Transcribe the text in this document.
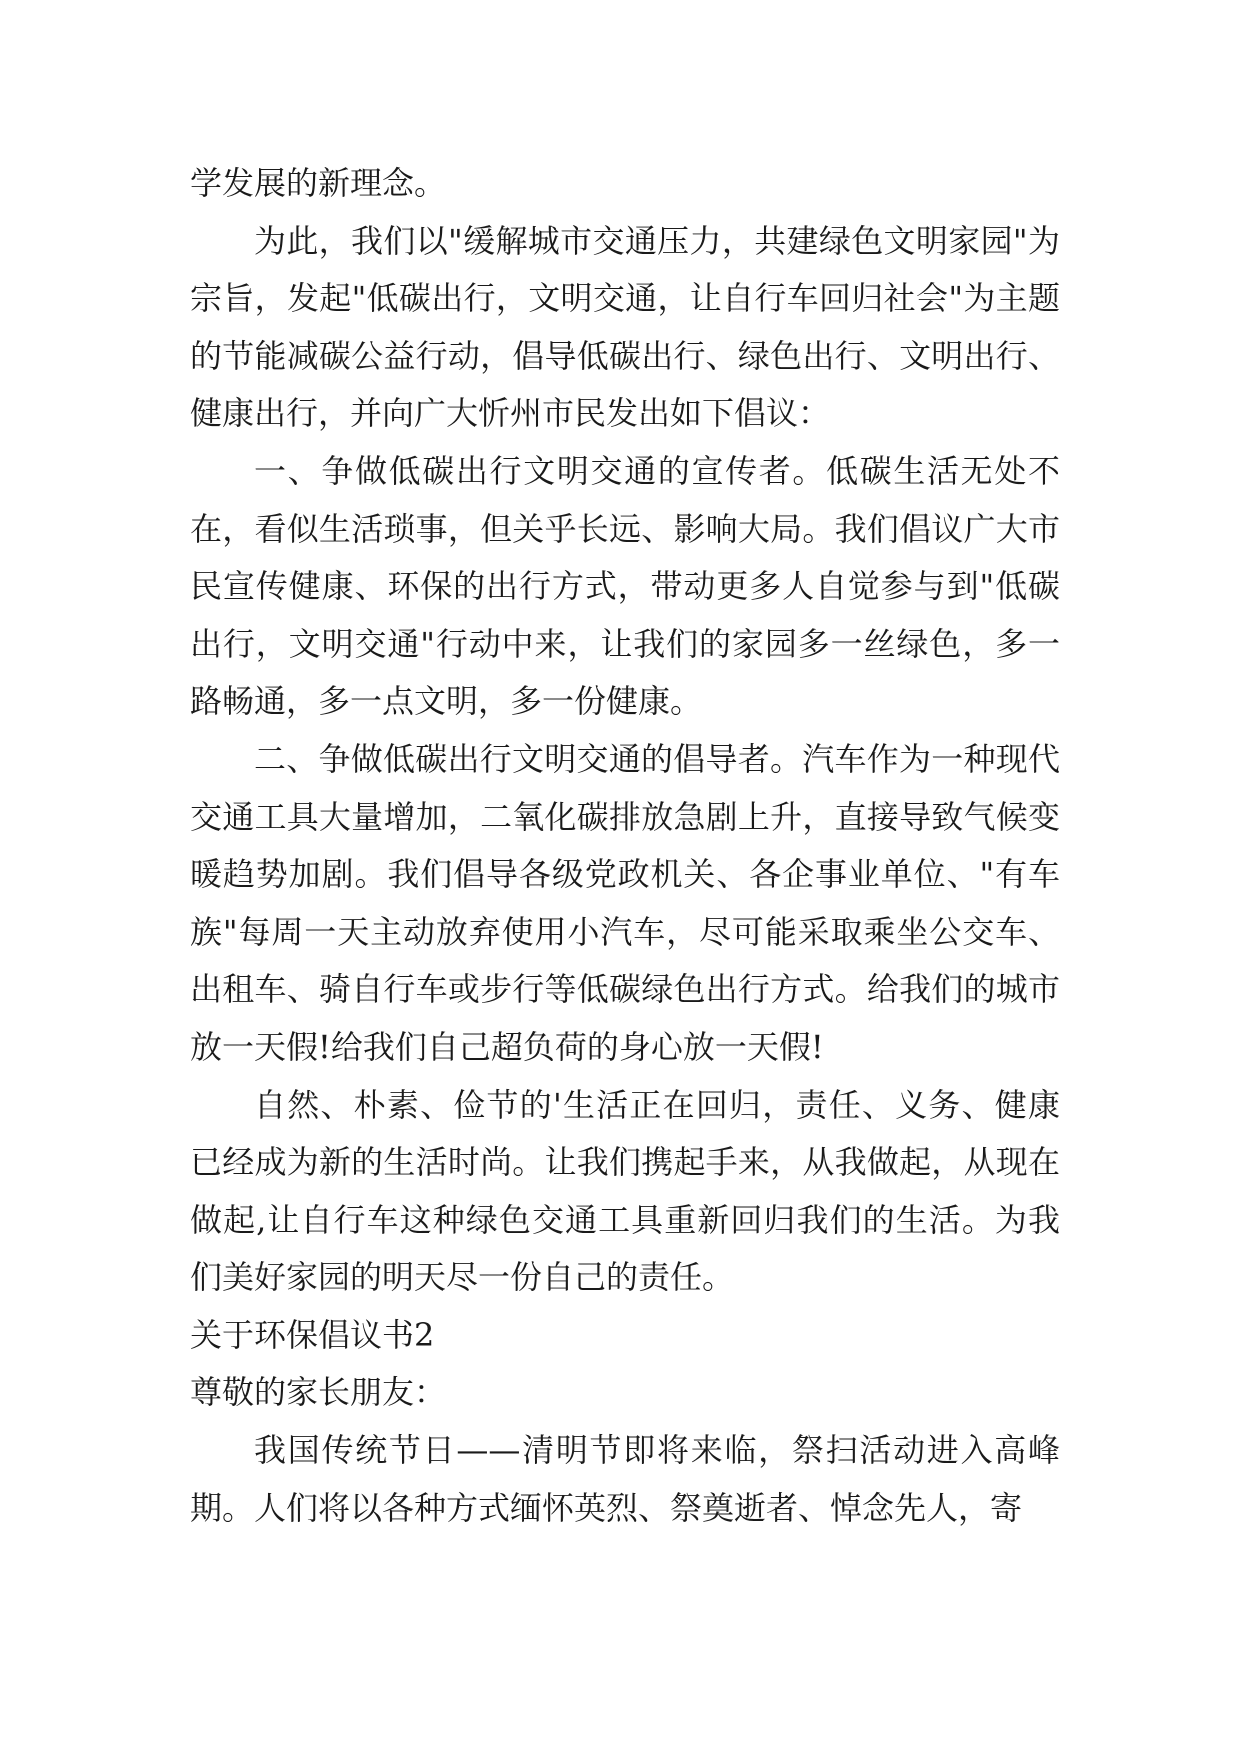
学发展的新理念。

为此，我们以"缓解城市交通压力，共建绿色文明家园"为宗旨，发起"低碳出行，文明交通，让自行车回归社会"为主题的节能减碳公益行动，倡导低碳出行、绿色出行、文明出行、健康出行，并向广大忻州市民发出如下倡议：

一、争做低碳出行文明交通的宣传者。低碳生活无处不在，看似生活琐事，但关乎长远、影响大局。我们倡议广大市民宣传健康、环保的出行方式，带动更多人自觉参与到"低碳出行，文明交通"行动中来，让我们的家园多一丝绿色，多一路畅通，多一点文明，多一份健康。

二、争做低碳出行文明交通的倡导者。汽车作为一种现代交通工具大量增加，二氧化碳排放急剧上升，直接导致气候变暖趋势加剧。我们倡导各级党政机关、各企事业单位、"有车族"每周一天主动放弃使用小汽车，尽可能采取乘坐公交车、出租车、骑自行车或步行等低碳绿色出行方式。给我们的城市放一天假!给我们自己超负荷的身心放一天假!

自然、朴素、俭节的'生活正在回归，责任、义务、健康已经成为新的生活时尚。让我们携起手来，从我做起，从现在做起,让自行车这种绿色交通工具重新回归我们的生活。为我们美好家园的明天尽一份自己的责任。

关于环保倡议书2

尊敬的家长朋友：

我国传统节日——清明节即将来临，祭扫活动进入高峰期。人们将以各种方式缅怀英烈、祭奠逝者、悼念先人，寄
